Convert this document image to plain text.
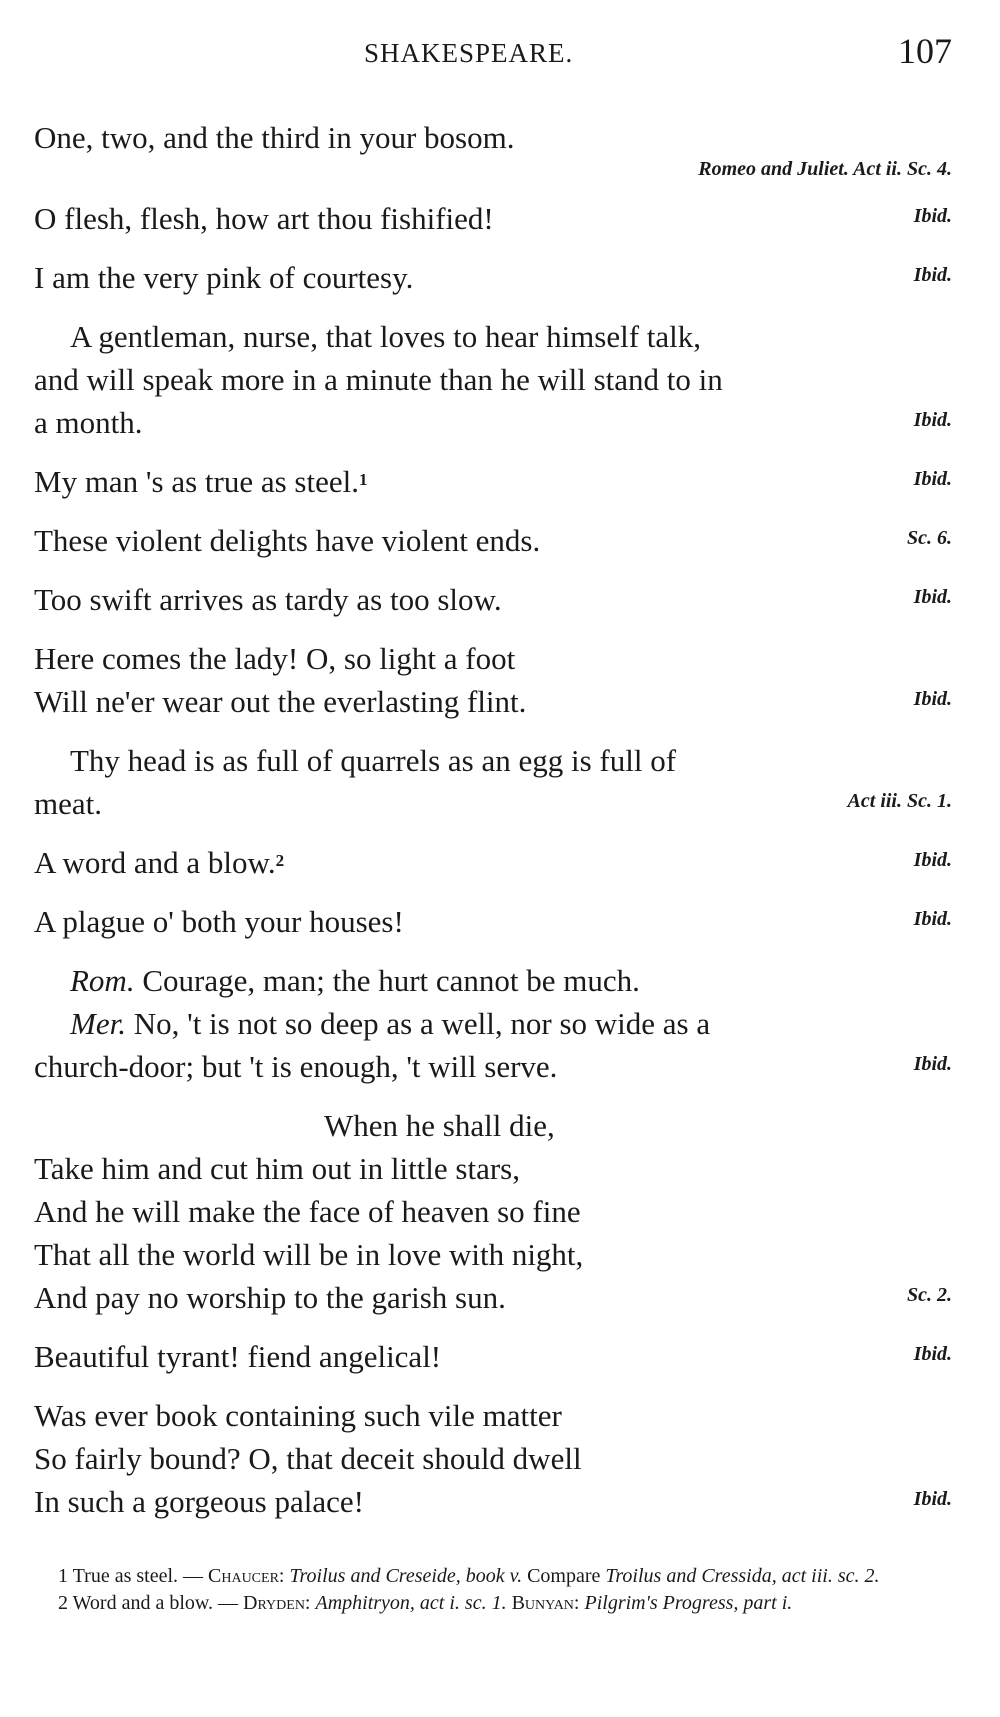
SHAKESPEARE.	107
One, two, and the third in your bosom.
Romeo and Juliet. Act ii. Sc. 4.
O flesh, flesh, how art thou fishified!	Ibid.
I am the very pink of courtesy.	Ibid.
A gentleman, nurse, that loves to hear himself talk,
and will speak more in a minute than he will stand to in
a month.	Ibid.
My man 's as true as steel.$^1$	Ibid.
These violent delights have violent ends.	Sc. 6.
Too swift arrives as tardy as too slow.	Ibid.
Here comes the lady! O, so light a foot
Will ne'er wear out the everlasting flint.	Ibid.
Thy head is as full of quarrels as an egg is full of
meat.	Act iii. Sc. 1.
A word and a blow.$^2$	Ibid.
A plague o' both your houses!	Ibid.
Rom. Courage, man; the hurt cannot be much.
Mer. No, 't is not so deep as a well, nor so wide as a
church-door; but 't is enough, 't will serve.	Ibid.
When he shall die,
Take him and cut him out in little stars,
And he will make the face of heaven so fine
That all the world will be in love with night,
And pay no worship to the garish sun.	Sc. 2.
Beautiful tyrant! fiend angelical!	Ibid.
Was ever book containing such vile matter
So fairly bound? O, that deceit should dwell
In such a gorgeous palace!	Ibid.
1 True as steel. — Chaucer: Troilus and Creseide, book v. Compare Troilus and Cressida, act iii. sc. 2.
2 Word and a blow. — Dryden: Amphitryon, act i. sc. 1. Bunyan: Pilgrim's Progress, part i.
